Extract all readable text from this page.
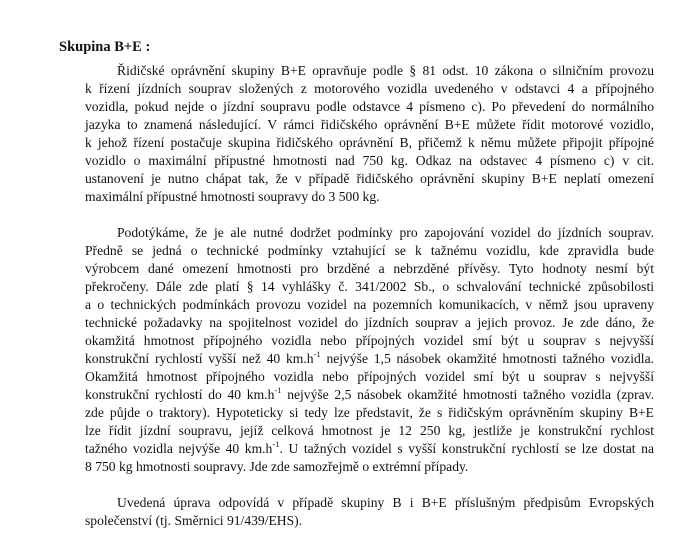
Skupina B+E :
Řidičské oprávnění skupiny B+E opravňuje podle § 81 odst. 10 zákona o silničním provozu
k řízení jízdních souprav složených z motorového vozidla uvedeného v odstavci 4 a přípojného
vozidla, pokud nejde o jízdní soupravu podle odstavce 4 písmeno c). Po převedení do normálního
jazyka to znamená následující. V rámci řidičského oprávnění B+E můžete řídit motorové vozidlo,
k jehož řízení postačuje skupina řidičského oprávnění B, přičemž k němu můžete připojit přípojné
vozidlo o maximální přípustné hmotnosti nad 750 kg. Odkaz na odstavec 4 písmeno c) v cit.
ustanovení je nutno chápat tak, že v případě řidičského oprávnění skupiny B+E neplatí omezení
maximální přípustné hmotnosti soupravy do 3 500 kg.
Podotýkáme, že je ale nutné dodržet podmínky pro zapojování vozidel do jízdních souprav.
Předně se jedná o technické podmínky vztahující se k tažnému vozidlu, kde zpravidla bude
výrobcem dané omezení hmotnosti pro brzděné a nebrzděné přívěsy. Tyto hodnoty nesmí být
překročeny. Dále zde platí § 14 vyhlášky č. 341/2002 Sb., o schvalování technické způsobilosti
a o technických podmínkách provozu vozidel na pozemních komunikacích, v němž jsou upraveny
technické požadavky na spojitelnost vozidel do jízdních souprav a jejich provoz. Je zde dáno, že
okamžitá hmotnost přípojného vozidla nebo přípojných vozidel smí být u souprav s nejvyšší
konstrukční rychlostí vyšší než 40 $km.h^{-1}$ nejvýše 1,5 násobek okamžité hmotnosti tažného vozidla.
Okamžitá hmotnost přípojného vozidla nebo přípojných vozidel smí být u souprav s nejvyšší
konstrukční rychlostí do 40 $km.h^{-1}$ nejvýše 2,5 násobek okamžité hmotnosti tažného vozidla (zprav.
zde půjde o traktory). Hypoteticky si tedy lze představit, že s řidičským oprávněním skupiny B+E
lze řídit jízdní soupravu, jejíž celková hmotnost je 12 250 kg, jestliže je konstrukční rychlost
tažného vozidla nejvýše 40 $km.h^{-1}$. U tažných vozidel s vyšší konstrukční rychlostí se lze dostat na
8 750 kg hmotnosti soupravy. Jde zde samozřejmě o extrémní případy.
Uvedená úprava odpovídá v případě skupiny B i B+E příslušným předpisům Evropských
společenství (tj. Směrnici 91/439/EHS).
